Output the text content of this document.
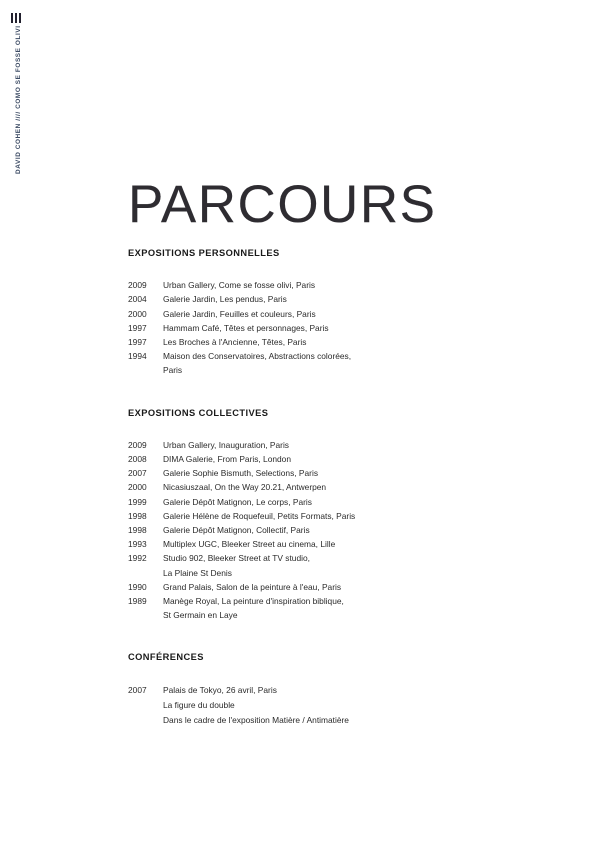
DAVID COHEN //// COMO SE FOSSE OLIVI
PARCOURS
EXPOSITIONS PERSONNELLES
2009	Urban Gallery, Come se fosse olivi, Paris
2004	Galerie Jardin, Les pendus, Paris
2000	Galerie Jardin, Feuilles et couleurs, Paris
1997	Hammam Café, Têtes et personnages, Paris
1997	Les Broches à l'Ancienne, Têtes, Paris
1994	Maison des Conservatoires, Abstractions colorées,
Paris
EXPOSITIONS COLLECTIVES
2009	Urban Gallery, Inauguration, Paris
2008	DIMA Galerie, From Paris, London
2007	Galerie Sophie Bismuth, Selections, Paris
2000	Nicasiuszaal, On the Way 20.21, Antwerpen
1999	Galerie Dépôt Matignon, Le corps, Paris
1998	Galerie Hélène de Roquefeuil, Petits Formats, Paris
1998	Galerie Dépôt Matignon, Collectif, Paris
1993	Multiplex UGC, Bleeker Street au cinema, Lille
1992	Studio 902, Bleeker Street at TV studio,
La Plaine St Denis
1990	Grand Palais, Salon de la peinture à l'eau, Paris
1989	Manège Royal, La peinture d'inspiration biblique,
St Germain en Laye
CONFÉRENCES
2007	Palais de Tokyo, 26 avril, Paris
La figure du double
Dans le cadre de l'exposition Matière / Antimatière
